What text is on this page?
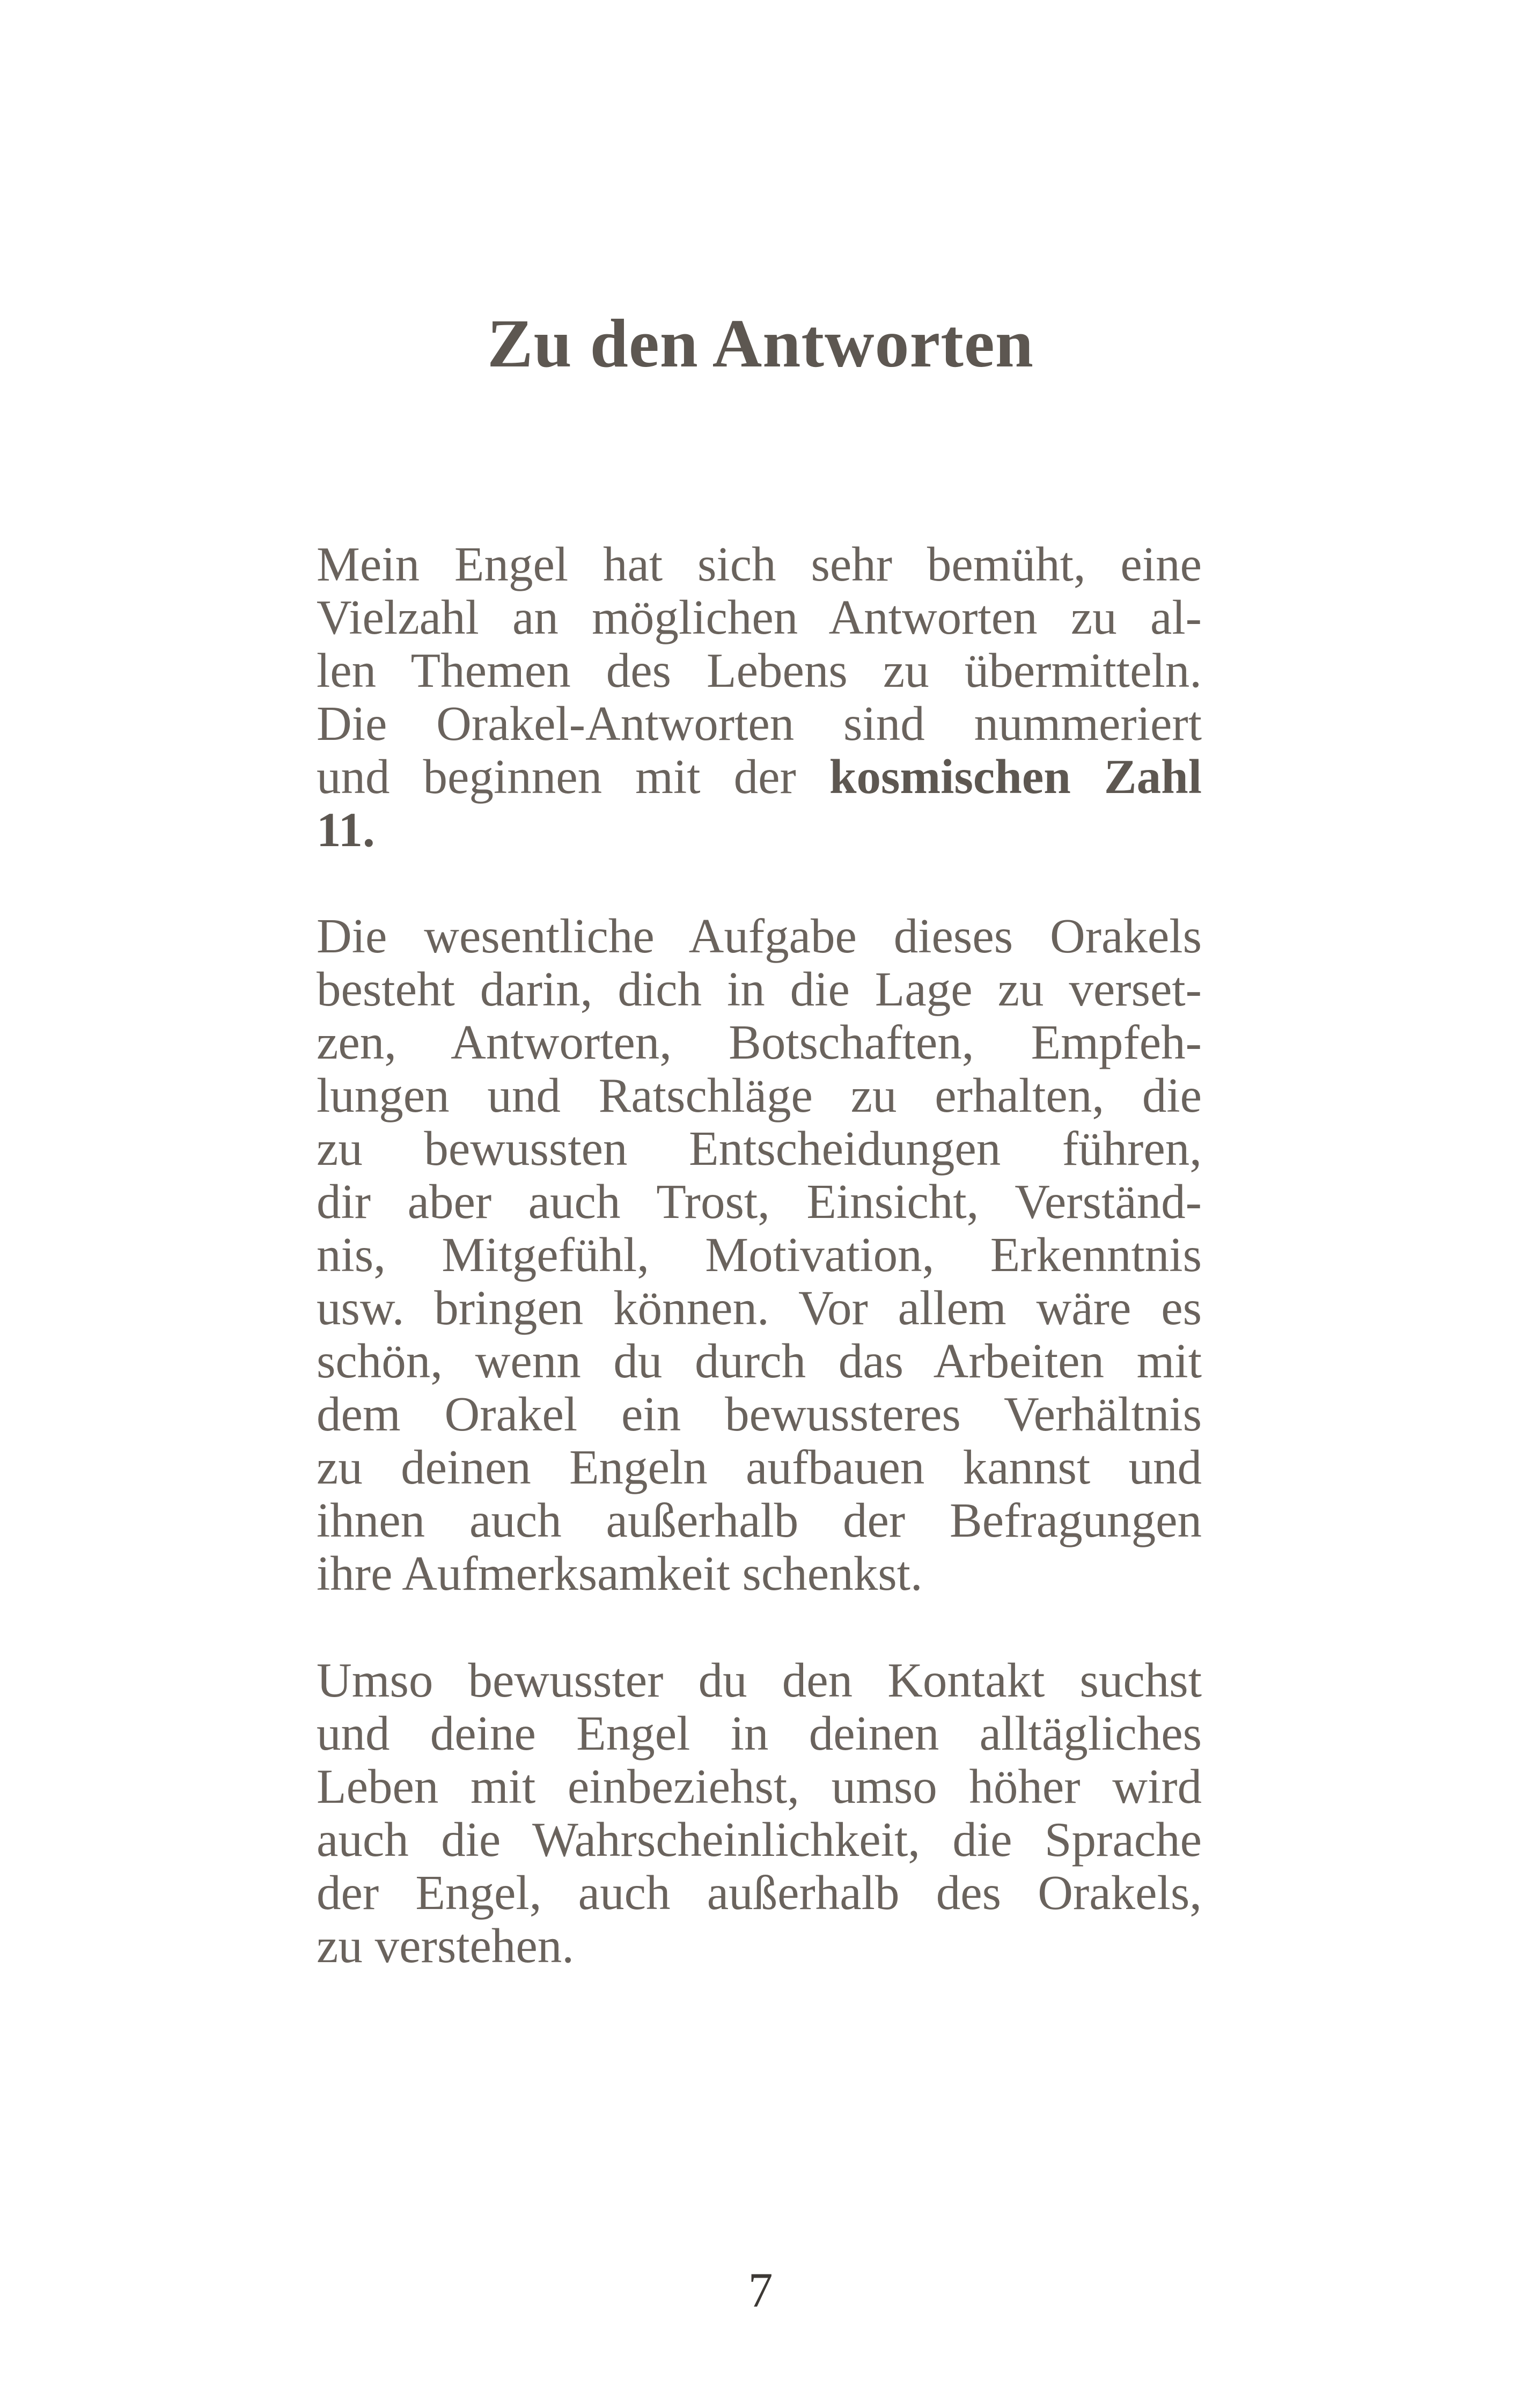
Zu den Antworten
Mein Engel hat sich sehr bemüht, eine
Vielzahl an möglichen Antworten zu al-
len Themen des Lebens zu übermitteln.
Die Orakel-Antworten sind nummeriert
und beginnen mit der kosmischen Zahl
11.
Die wesentliche Aufgabe dieses Orakels
besteht darin, dich in die Lage zu verset-
zen, Antworten, Botschaften, Empfeh-
lungen und Ratschläge zu erhalten, die
zu bewussten Entscheidungen führen,
dir aber auch Trost, Einsicht, Verständ-
nis, Mitgefühl, Motivation, Erkenntnis
usw. bringen können. Vor allem wäre es
schön, wenn du durch das Arbeiten mit
dem Orakel ein bewussteres Verhältnis
zu deinen Engeln aufbauen kannst und
ihnen auch außerhalb der Befragungen
ihre Aufmerksamkeit schenkst.
Umso bewusster du den Kontakt suchst
und deine Engel in deinen alltägliches
Leben mit einbeziehst, umso höher wird
auch die Wahrscheinlichkeit, die Sprache
der Engel, auch außerhalb des Orakels,
zu verstehen.

7
